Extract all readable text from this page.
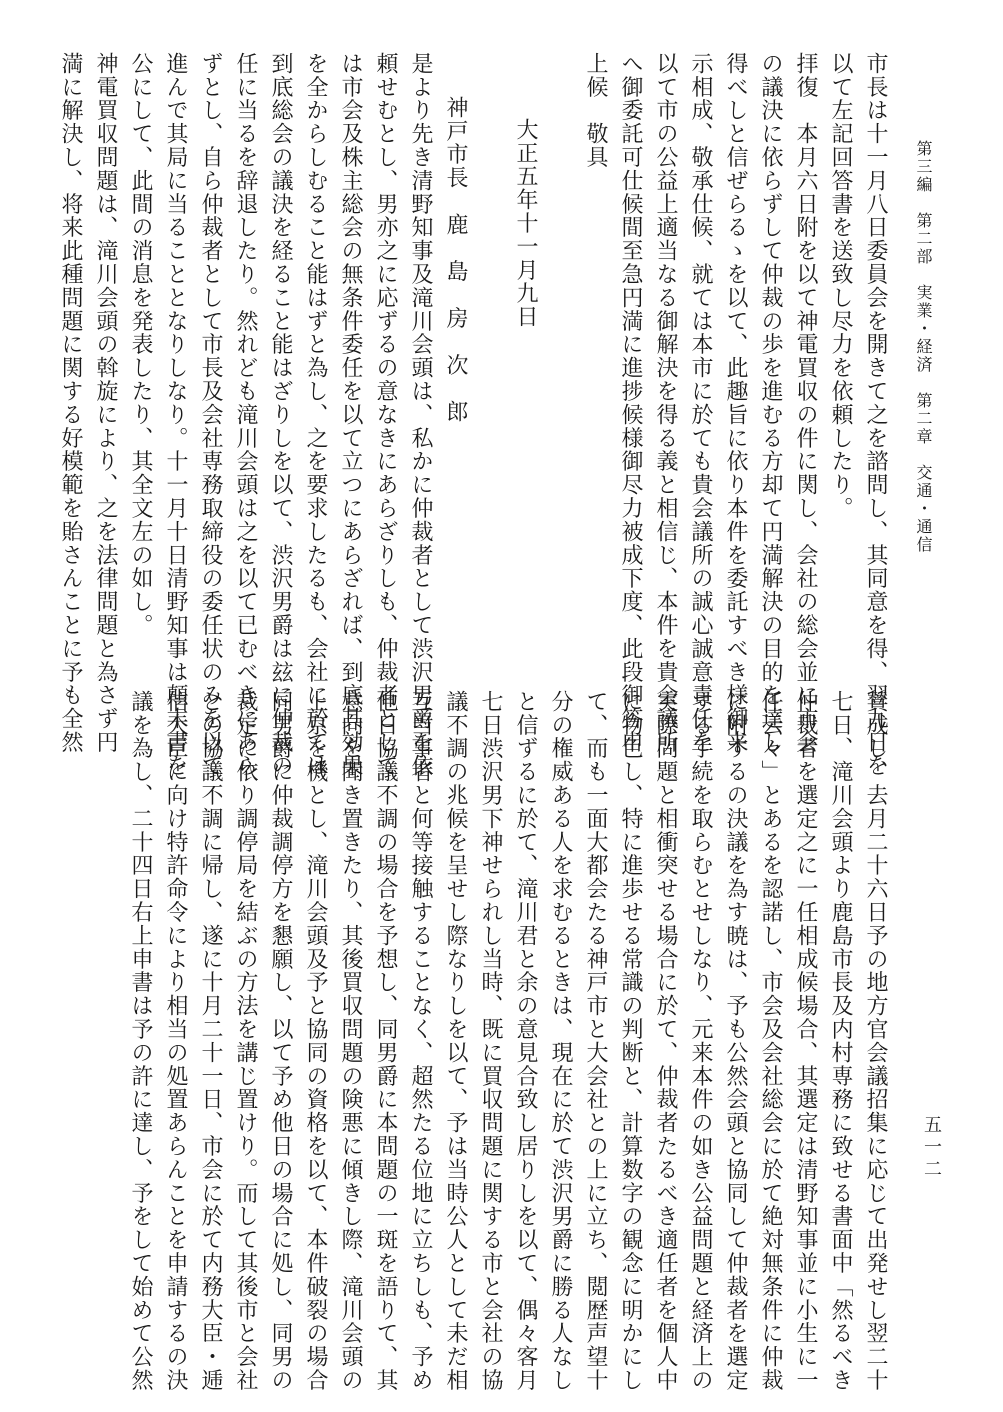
第三編　第二部　実業・経済　第二章　交通・通信
五一二

市長は十一月八日委員会を開きて之を諮問し、其同意を得、翌九日を

以て左記回答書を送致し尽力を依頼したり。

拝復　本月六日附を以て神電買収の件に関し、会社の総会並に市会

の議決に依らずして仲裁の歩を進むる方却て円満解決の目的を達し

得べしと信ぜらるゝを以て、此趣旨に依り本件を委託すべき様御来

示相成、敬承仕候、就ては本市に於ても貴会議所の誠心誠意責任を

以て市の公益上適当なる御解決を得る義と相信じ、本件を貴会議所

へ御委託可仕候間至急円満に進捗候様御尽力被成下度、此段御答申

上候　敬具

大正五年十一月九日

神戸市長　鹿　島　房　次　郎

是より先き清野知事及滝川会頭は、私かに仲裁者として渋沢男爵を依

頼せむとし、男亦之に応ずるの意なきにあらざりしも、仲裁者として

は市会及株主総会の無条件委任を以て立つにあらざれば、到底其効果

を全からしむること能はずと為し、之を要求したるも、会社に於ては

到底総会の議決を経ること能はざりしを以て、渋沢男爵は玆に仲裁の

任に当るを辞退したり。然れども滝川会頭は之を以て已むべきにあら

ずとし、自ら仲裁者として市長及会社専務取締役の委任状のみを以て

進んで其局に当ることとなりしなり。十一月十日清野知事は顛末書を

公にして、此間の消息を発表したり、其全文左の如し。

神電買収問題は、滝川会頭の斡旋により、之を法律問題と為さず円

満に解決し、将来此種問題に関する好模範を貽さんことに予も全然

賛成し、去月二十六日予の地方官会議招集に応じて出発せし翌二十

七日、滝川会頭より鹿島市長及内村専務に致せる書面中「然るべき

仲裁者を選定之に一任相成候場合、其選定は清野知事並に小生に一

任云々」とあるを認諾し、市会及会社総会に於て絶対無条件に仲裁

に附するの決議を為す暁は、予も公然会頭と協同して仲裁者を選定

する手続を取らむとせしなり、元来本件の如き公益問題と経済上の

実際問題と相衝突せる場合に於て、仲裁者たるべき適任者を個人中

に物色し、特に進歩せる常識の判断と、計算数字の観念に明かにし

て、而も一面大都会たる神戸市と大会社との上に立ち、閲歴声望十

分の権威ある人を求むるときは、現在に於て渋沢男爵に勝る人なし

と信ずるに於て、滝川君と余の意見合致し居りしを以て、偶々客月

七日渋沢男下神せられし当時、既に買収問題に関する市と会社の協

議不調の兆候を呈せし際なりしを以て、予は当時公人として未だ相

互当事者と何等接触することなく、超然たる位地に立ちしも、予め

他日協議不調の場合を予想し、同男爵に本問題の一斑を語りて、其

意向を聞き置きたり、其後買収問題の険悪に傾きし際、滝川会頭の

上京を機とし、滝川会頭及予と協同の資格を以て、本件破裂の場合

同男爵に仲裁調停方を懇願し、以て予め他日の場合に処し、同男の

裁定に依り調停局を結ぶの方法を講じ置けり。而して其後市と会社

との協議不調に帰し、遂に十月二十一日、市会に於て内務大臣・逓

信大臣に向け特許命令により相当の処置あらんことを申請するの決

議を為し、二十四日右上申書は予の許に達し、予をして始めて公然
